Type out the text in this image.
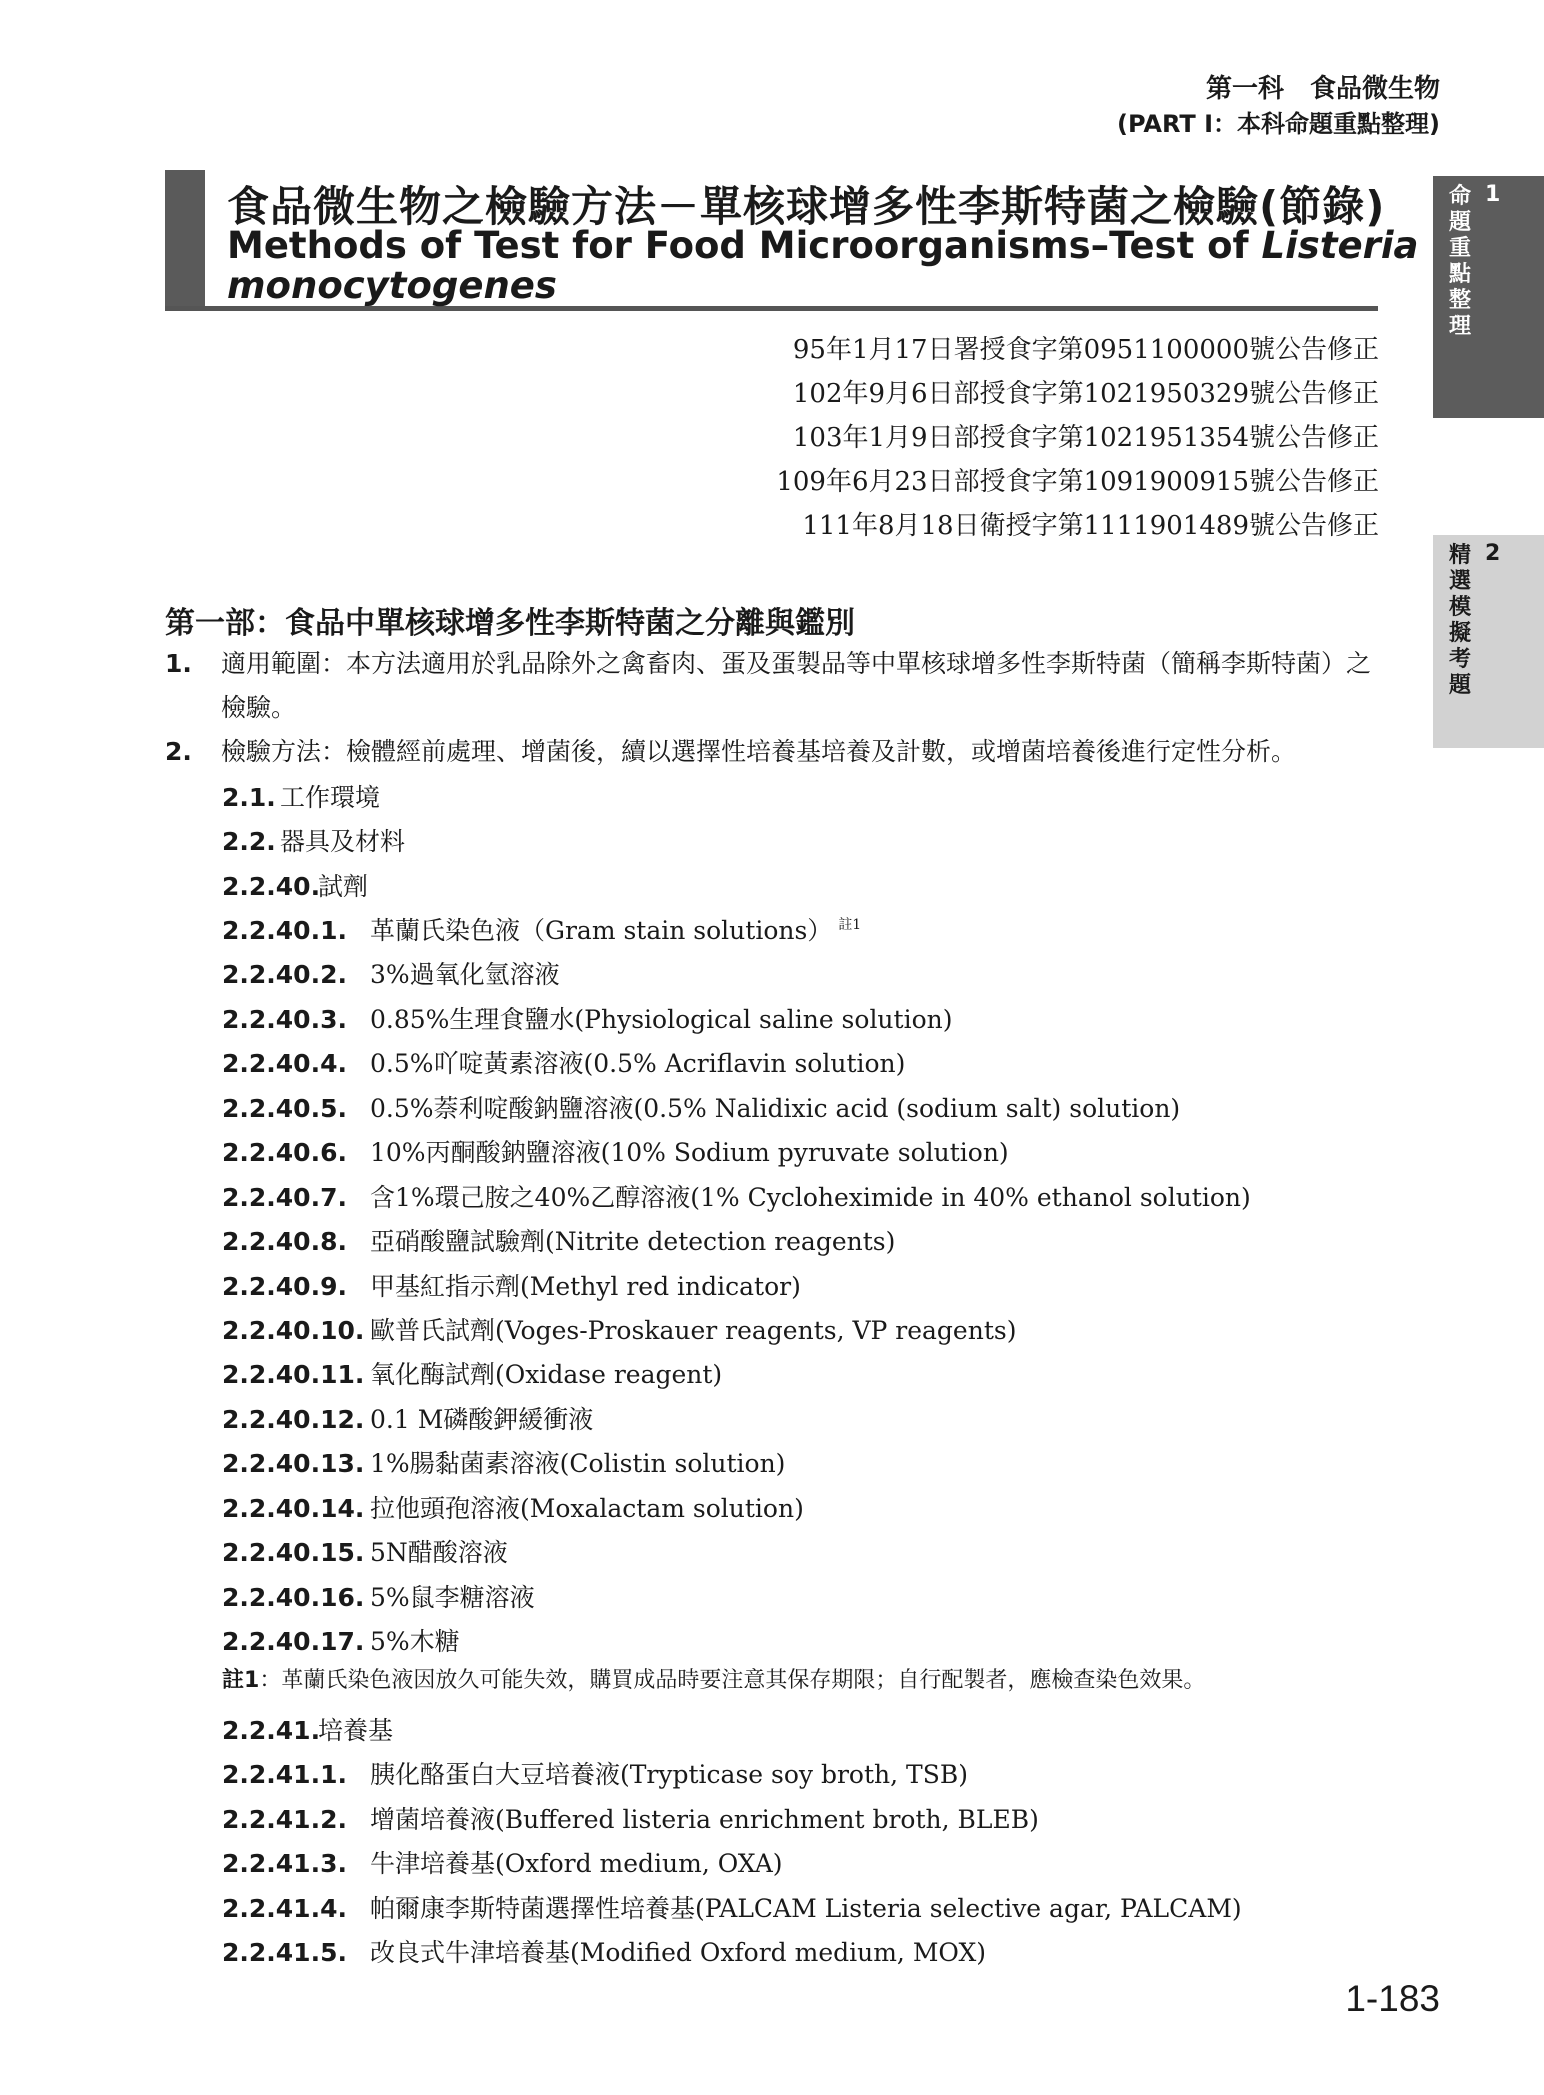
第一科　食品微生物
(PART I：本科命題重點整理)
食品微生物之檢驗方法－單核球增多性李斯特菌之檢驗(節錄)
Methods of Test for Food Microorganisms–Test of Listeria
monocytogenes
95年1月17日署授食字第0951100000號公告修正
102年9月6日部授食字第1021950329號公告修正
103年1月9日部授食字第1021951354號公告修正
109年6月23日部授食字第1091900915號公告修正
111年8月18日衛授字第1111901489號公告修正
命題重點整理
1
精選模擬考題
2
第一部：食品中單核球增多性李斯特菌之分離與鑑別
1. 適用範圍：本方法適用於乳品除外之禽畜肉、蛋及蛋製品等中單核球增多性李斯特菌（簡稱李斯特菌）之檢驗。
2. 檢驗方法：檢體經前處理、增菌後，續以選擇性培養基培養及計數，或增菌培養後進行定性分析。
2.1. 工作環境
2.2. 器具及材料
2.2.40.試劑
2.2.40.1. 革蘭氏染色液（Gram stain solutions） $^{註1}$
2.2.40.2. 3%過氧化氫溶液
2.2.40.3. 0.85%生理食鹽水(Physiological saline solution)
2.2.40.4. 0.5%吖啶黃素溶液(0.5% Acriflavin solution)
2.2.40.5. 0.5%萘利啶酸鈉鹽溶液(0.5% Nalidixic acid (sodium salt) solution)
2.2.40.6. 10%丙酮酸鈉鹽溶液(10% Sodium pyruvate solution)
2.2.40.7. 含1%環己胺之40%乙醇溶液(1% Cycloheximide in 40% ethanol solution)
2.2.40.8. 亞硝酸鹽試驗劑(Nitrite detection reagents)
2.2.40.9. 甲基紅指示劑(Methyl red indicator)
2.2.40.10. 歐普氏試劑(Voges-Proskauer reagents, VP reagents)
2.2.40.11. 氧化酶試劑(Oxidase reagent)
2.2.40.12. 0.1 M磷酸鉀緩衝液
2.2.40.13. 1%腸黏菌素溶液(Colistin solution)
2.2.40.14. 拉他頭孢溶液(Moxalactam solution)
2.2.40.15. 5N醋酸溶液
2.2.40.16. 5%鼠李糖溶液
2.2.40.17. 5%木糖
註1：革蘭氏染色液因放久可能失效，購買成品時要注意其保存期限；自行配製者，應檢查染色效果。
2.2.41.培養基
2.2.41.1. 胰化酪蛋白大豆培養液(Trypticase soy broth, TSB)
2.2.41.2. 增菌培養液(Buffered listeria enrichment broth, BLEB)
2.2.41.3. 牛津培養基(Oxford medium, OXA)
2.2.41.4. 帕爾康李斯特菌選擇性培養基(PALCAM Listeria selective agar, PALCAM)
2.2.41.5. 改良式牛津培養基(Modified Oxford medium, MOX)
1-183
